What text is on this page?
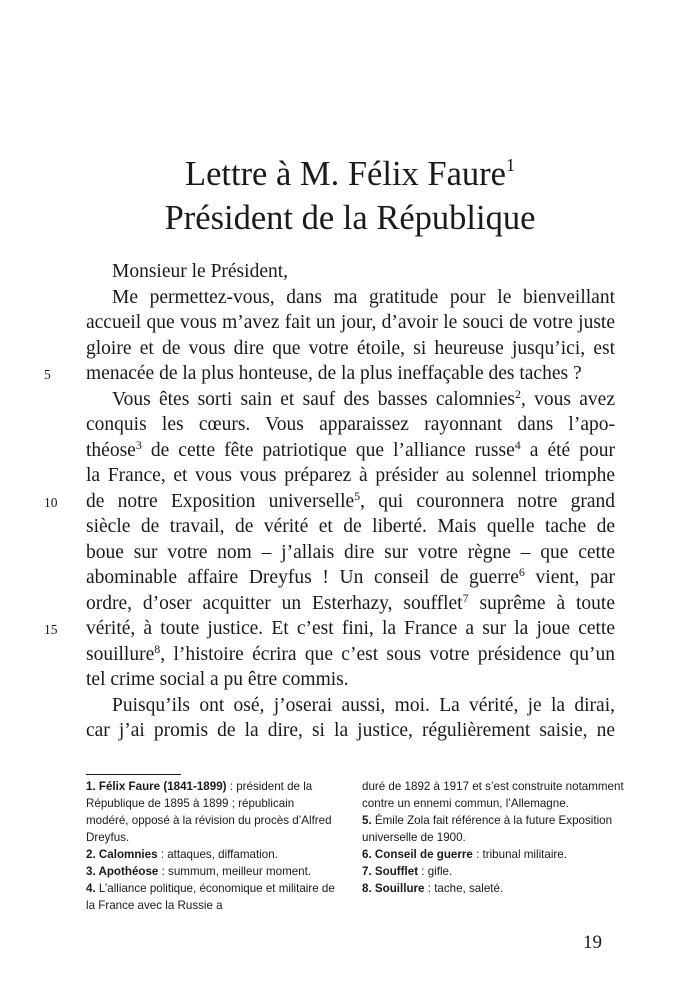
Lettre à M. Félix Faure$^1$
Président de la République
Monsieur le Président,
Me permettez-vous, dans ma gratitude pour le bienveillant
accueil que vous m’avez fait un jour, d’avoir le souci de votre juste
gloire et de vous dire que votre étoile, si heureuse jusqu’ici, est
menacée de la plus honteuse, de la plus ineffaçable des taches ?
Vous êtes sorti sain et sauf des basses calomnies$^2$, vous avez
conquis les cœurs. Vous apparaissez rayonnant dans l’apo-
théose$^3$ de cette fête patriotique que l’alliance russe$^4$ a été pour
la France, et vous vous préparez à présider au solennel triomphe
de notre Exposition universelle$^5$, qui couronnera notre grand
siècle de travail, de vérité et de liberté. Mais quelle tache de
boue sur votre nom – j’allais dire sur votre règne – que cette
abominable affaire Dreyfus ! Un conseil de guerre$^6$ vient, par
ordre, d’oser acquitter un Esterhazy, soufflet$^7$ suprême à toute
vérité, à toute justice. Et c’est fini, la France a sur la joue cette
souillure$^8$, l’histoire écrira que c’est sous votre présidence qu’un
tel crime social a pu être commis.
Puisqu’ils ont osé, j’oserai aussi, moi. La vérité, je la dirai,
car j’ai promis de la dire, si la justice, régulièrement saisie, ne
5
10
15

1. Félix Faure (1841-1899) : président de la République de 1895 à 1899 ; républicain modéré, opposé à la révision du procès d’Alfred Dreyfus.

2. Calomnies : attaques, diffamation.

3. Apothéose : summum, meilleur moment.

4. L’alliance politique, économique et militaire de la France avec la Russie a

duré de 1892 à 1917 et s’est construite notamment contre un ennemi commun, l’Allemagne.

5. Émile Zola fait référence à la future Exposition universelle de 1900.

6. Conseil de guerre : tribunal militaire.

7. Soufflet : gifle.

8. Souillure : tache, saleté.

19
